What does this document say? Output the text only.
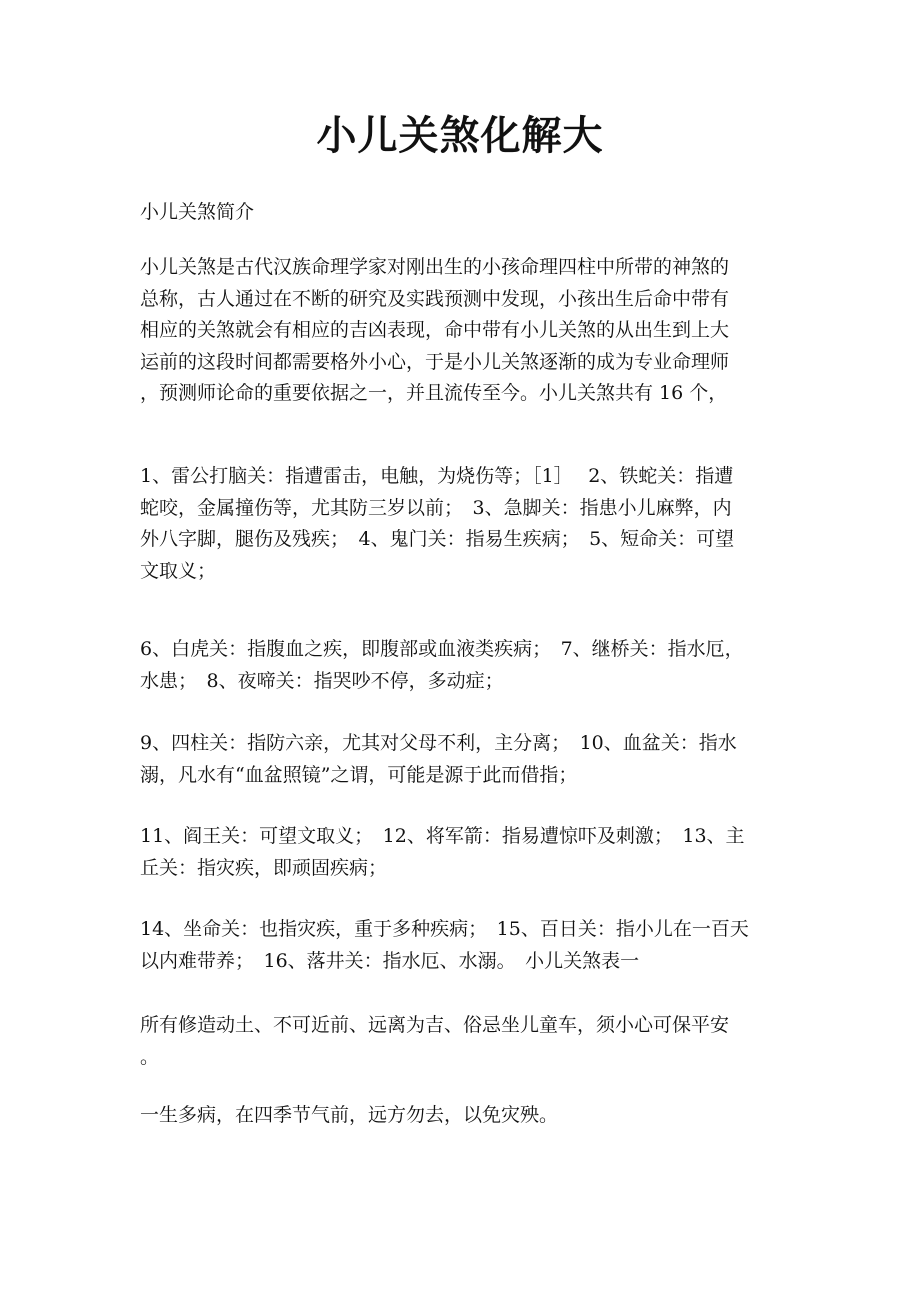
小儿关煞化解大

小儿关煞简介

小儿关煞是古代汉族命理学家对刚出生的小孩命理四柱中所带的神煞的
总称，古人通过在不断的研究及实践预测中发现，小孩出生后命中带有
相应的关煞就会有相应的吉凶表现，命中带有小儿关煞的从出生到上大
运前的这段时间都需要格外小心，于是小儿关煞逐渐的成为专业命理师
，预测师论命的重要依据之一，并且流传至今。小儿关煞共有 16 个，

1、雷公打脑关：指遭雷击，电触，为烧伤等；［1］　 2、铁蛇关：指遭
蛇咬，金属撞伤等，尤其防三岁以前；　3、急脚关：指患小儿麻弊，内
外八字脚，腿伤及残疾；　4、鬼门关：指易生疾病；　5、短命关：可望
文取义；

6、白虎关：指腹血之疾，即腹部或血液类疾病；　7、继桥关：指水厄，
水患；　8、夜啼关：指哭吵不停，多动症；

9、四柱关：指防六亲，尤其对父母不利，主分离；　10、血盆关：指水
溺，凡水有“血盆照镜”之谓，可能是源于此而借指；

11、阎王关：可望文取义；　12、将军箭：指易遭惊吓及刺激；　13、主
丘关：指灾疾，即顽固疾病；

14、坐命关：也指灾疾，重于多种疾病；　15、百日关：指小儿在一百天
以内难带养；　16、落井关：指水厄、水溺。　小儿关煞表一

所有修造动土、不可近前、远离为吉、俗忌坐儿童车，须小心可保平安
。

一生多病，在四季节气前，远方勿去，以免灾殃。
